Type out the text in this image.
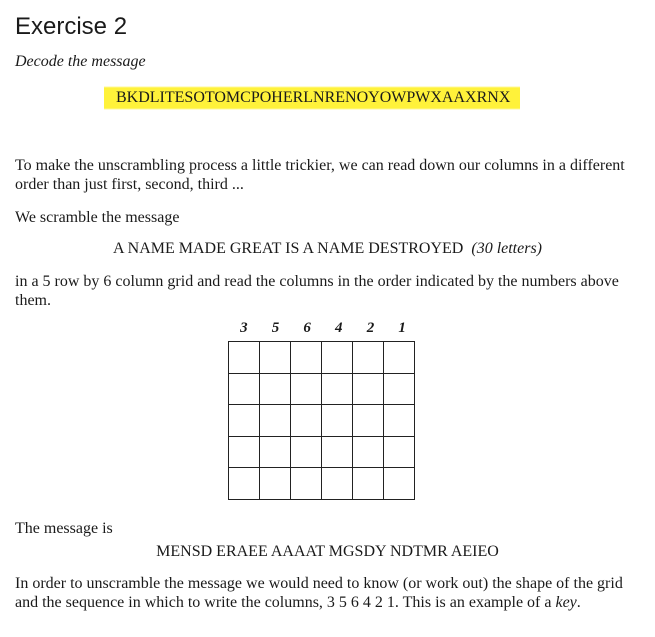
Exercise 2
Decode the message
BKDLITESOTOMCPOHERLNRENOYOWPWXAAXRNX

To make the unscrambling process a little trickier, we can read down our columns in a different order than just first, second, third ...

We scramble the message

A NAME MADE GREAT IS A NAME DESTROYED (30 letters)

in a 5 row by 6 column grid and read the columns in the order indicated by the numbers above them.

3	5	6	4	2	1

The message is

MENSD ERAEE AAAAT MGSDY NDTMR AEIEO

In order to unscramble the message we would need to know (or work out) the shape of the grid and the sequence in which to write the columns, 3 5 6 4 2 1. This is an example of a key.
